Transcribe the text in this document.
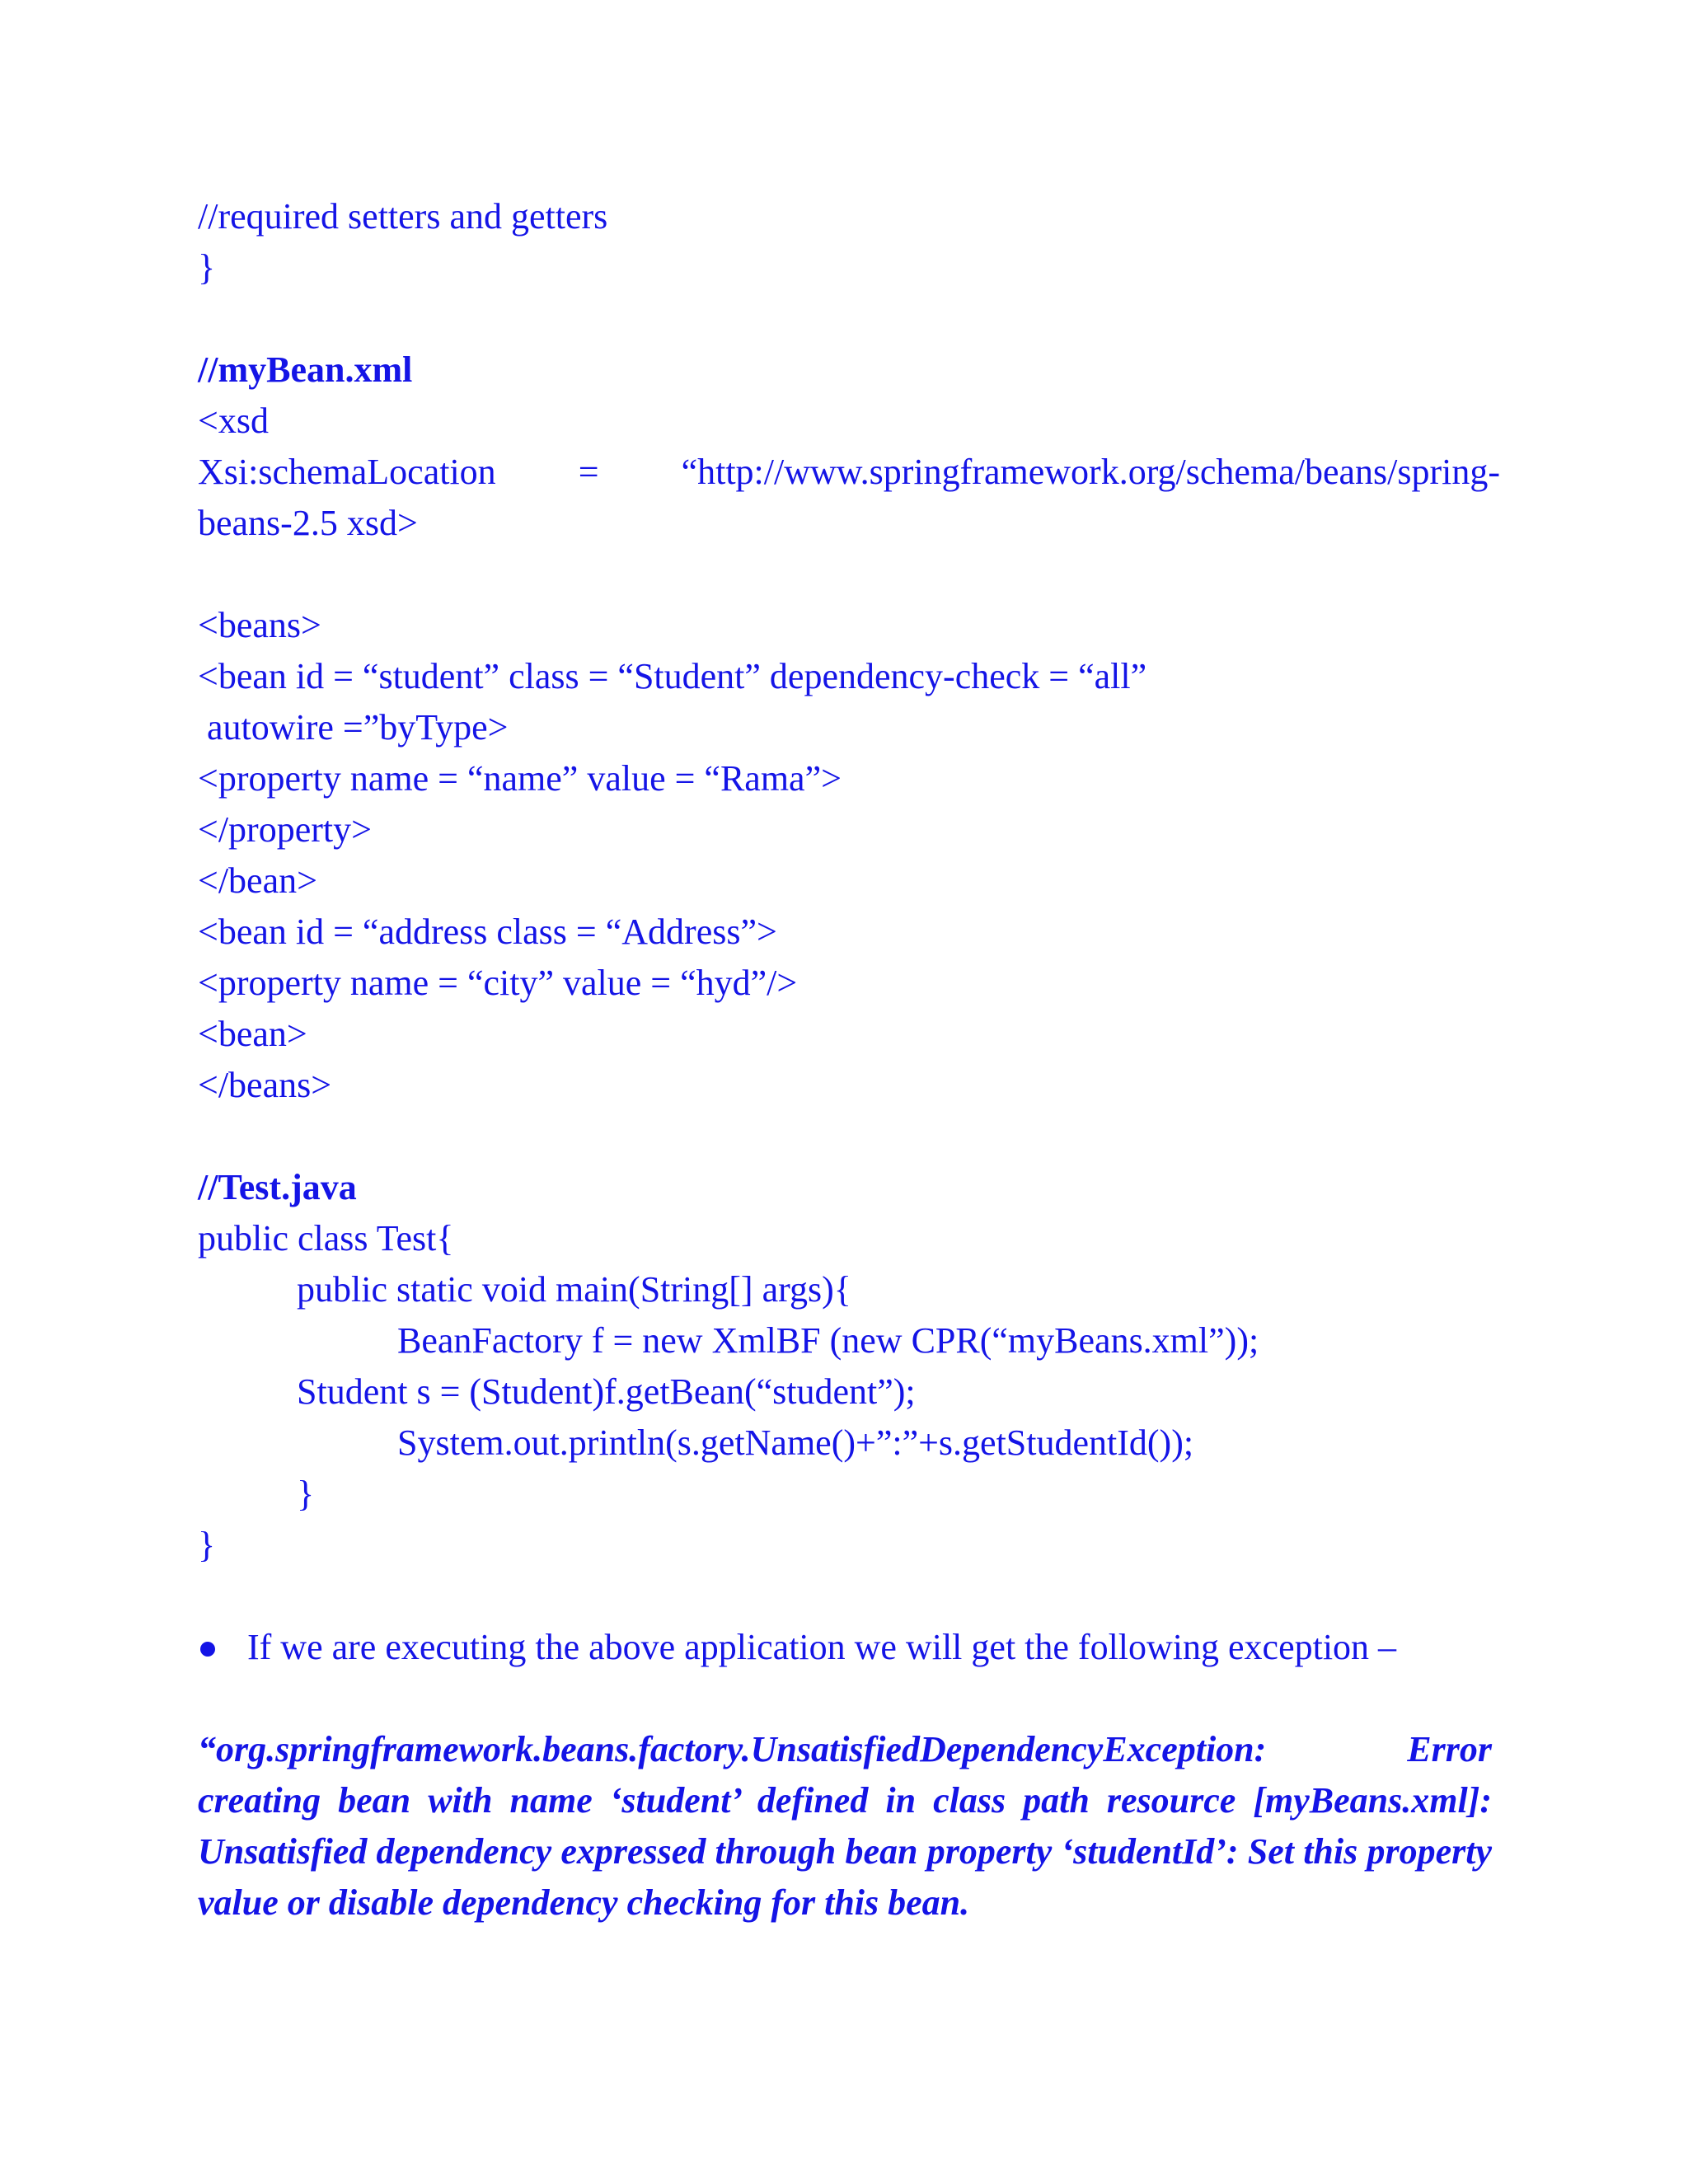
//required setters and getters
}
//myBean.xml
<xsd
Xsi:schemaLocation = “http://www.springframework.org/schema/beans/spring-
beans-2.5 xsd>
<beans>
<bean id = “student” class = “Student” dependency-check = “all”
autowire =”byType>
<property name = “name” value = “Rama”>
</property>
</bean>
<bean id = “address class = “Address”>
<property name = “city” value = “hyd”/>
<bean>
</beans>
//Test.java
public class Test{
public static void main(String[] args){
BeanFactory f = new XmlBF (new CPR(“myBeans.xml”));
Student s = (Student)f.getBean(“student”);
System.out.println(s.getName()+”:”+s.getStudentId());
}
}
If we are executing the above application we will get the following exception –
“org.springframework.beans.factory.UnsatisfiedDependencyException: Error creating bean with name ‘student’ defined in class path resource [myBeans.xml]: Unsatisfied dependency expressed through bean property ‘studentId’: Set this property value or disable dependency checking for this bean.
